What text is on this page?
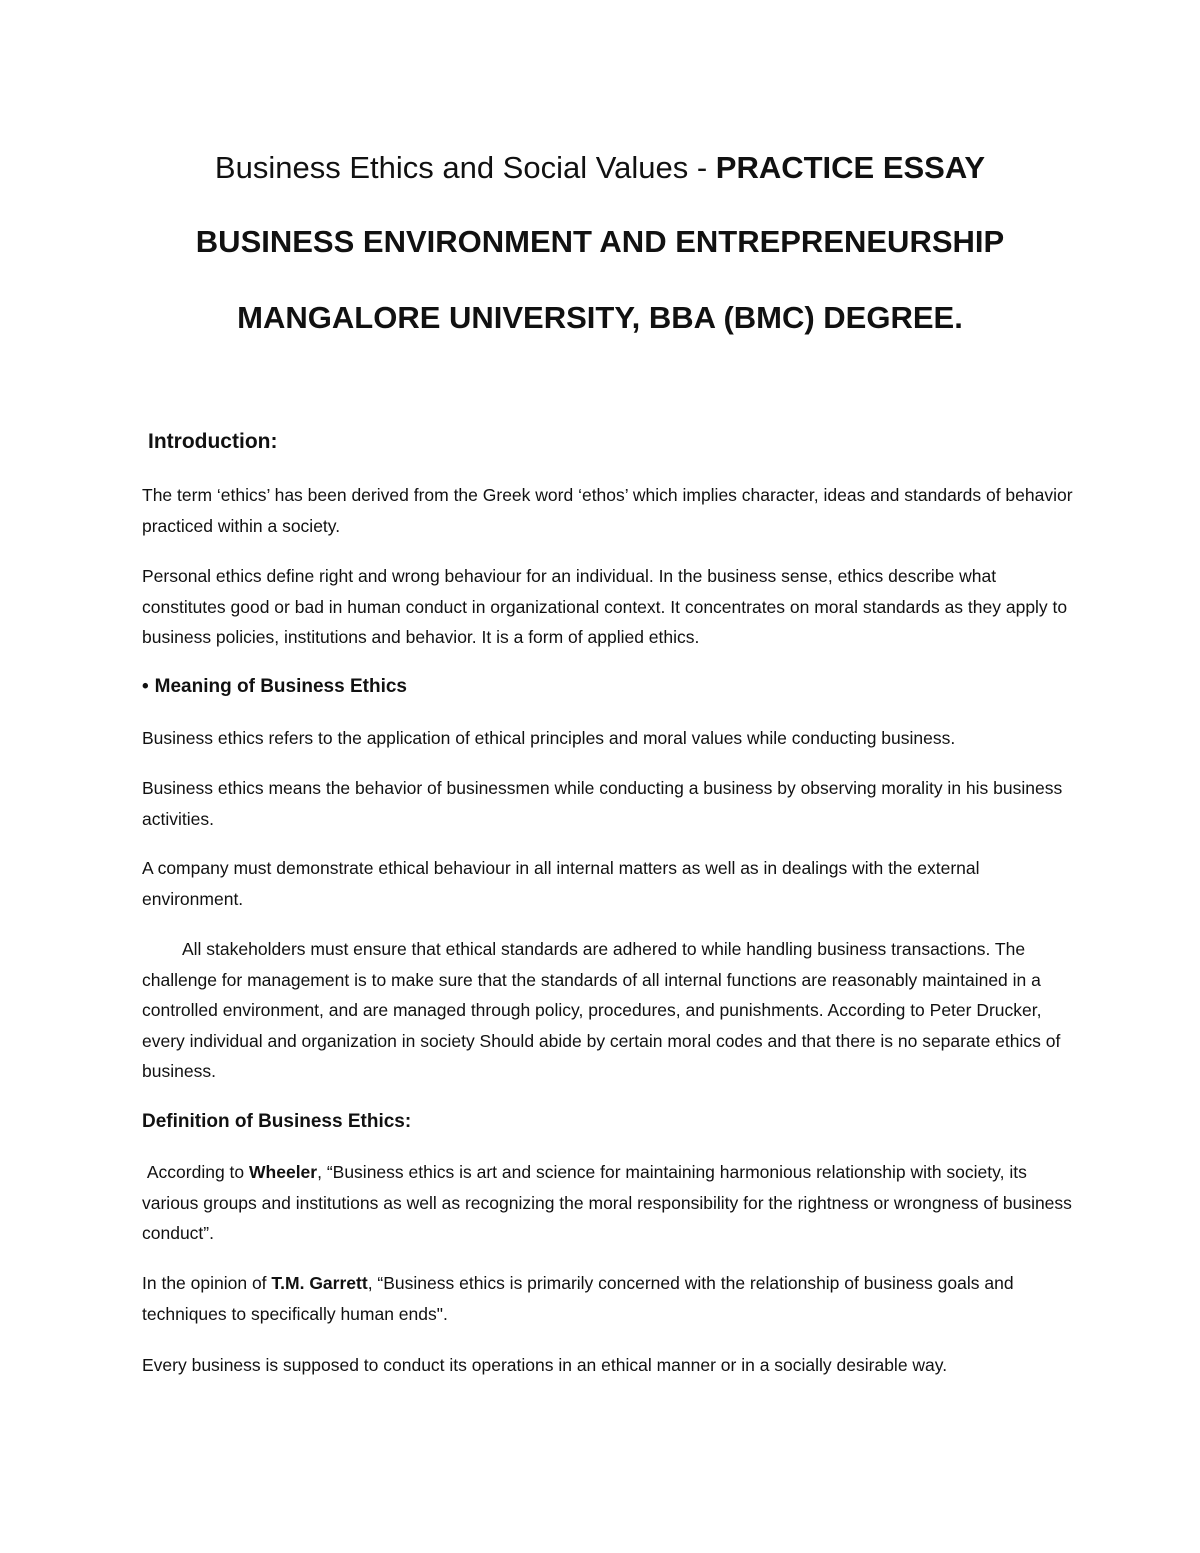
Business Ethics and Social Values - PRACTICE ESSAY
BUSINESS ENVIRONMENT AND ENTREPRENEURSHIP
MANGALORE UNIVERSITY, BBA (BMC) DEGREE.
Introduction:

The term ‘ethics’ has been derived from the Greek word ‘ethos’ which implies character, ideas and standards of behavior practiced within a society.

Personal ethics define right and wrong behaviour for an individual. In the business sense, ethics describe what constitutes good or bad in human conduct in organizational context. It concentrates on moral standards as they apply to business policies, institutions and behavior. It is a form of applied ethics.

• Meaning of Business Ethics

Business ethics refers to the application of ethical principles and moral values while conducting business.

Business ethics means the behavior of businessmen while conducting a business by observing morality in his business activities.

A company must demonstrate ethical behaviour in all internal matters as well as in dealings with the external environment.

All stakeholders must ensure that ethical standards are adhered to while handling business transactions. The challenge for management is to make sure that the standards of all internal functions are reasonably maintained in a controlled environment, and are managed through policy, procedures, and punishments. According to Peter Drucker, every individual and organization in society Should abide by certain moral codes and that there is no separate ethics of business.

Definition of Business Ethics:

According to Wheeler, “Business ethics is art and science for maintaining harmonious relationship with society, its various groups and institutions as well as recognizing the moral responsibility for the rightness or wrongness of business conduct”.

In the opinion of T.M. Garrett, “Business ethics is primarily concerned with the relationship of business goals and techniques to specifically human ends".

Every business is supposed to conduct its operations in an ethical manner or in a socially desirable way.
